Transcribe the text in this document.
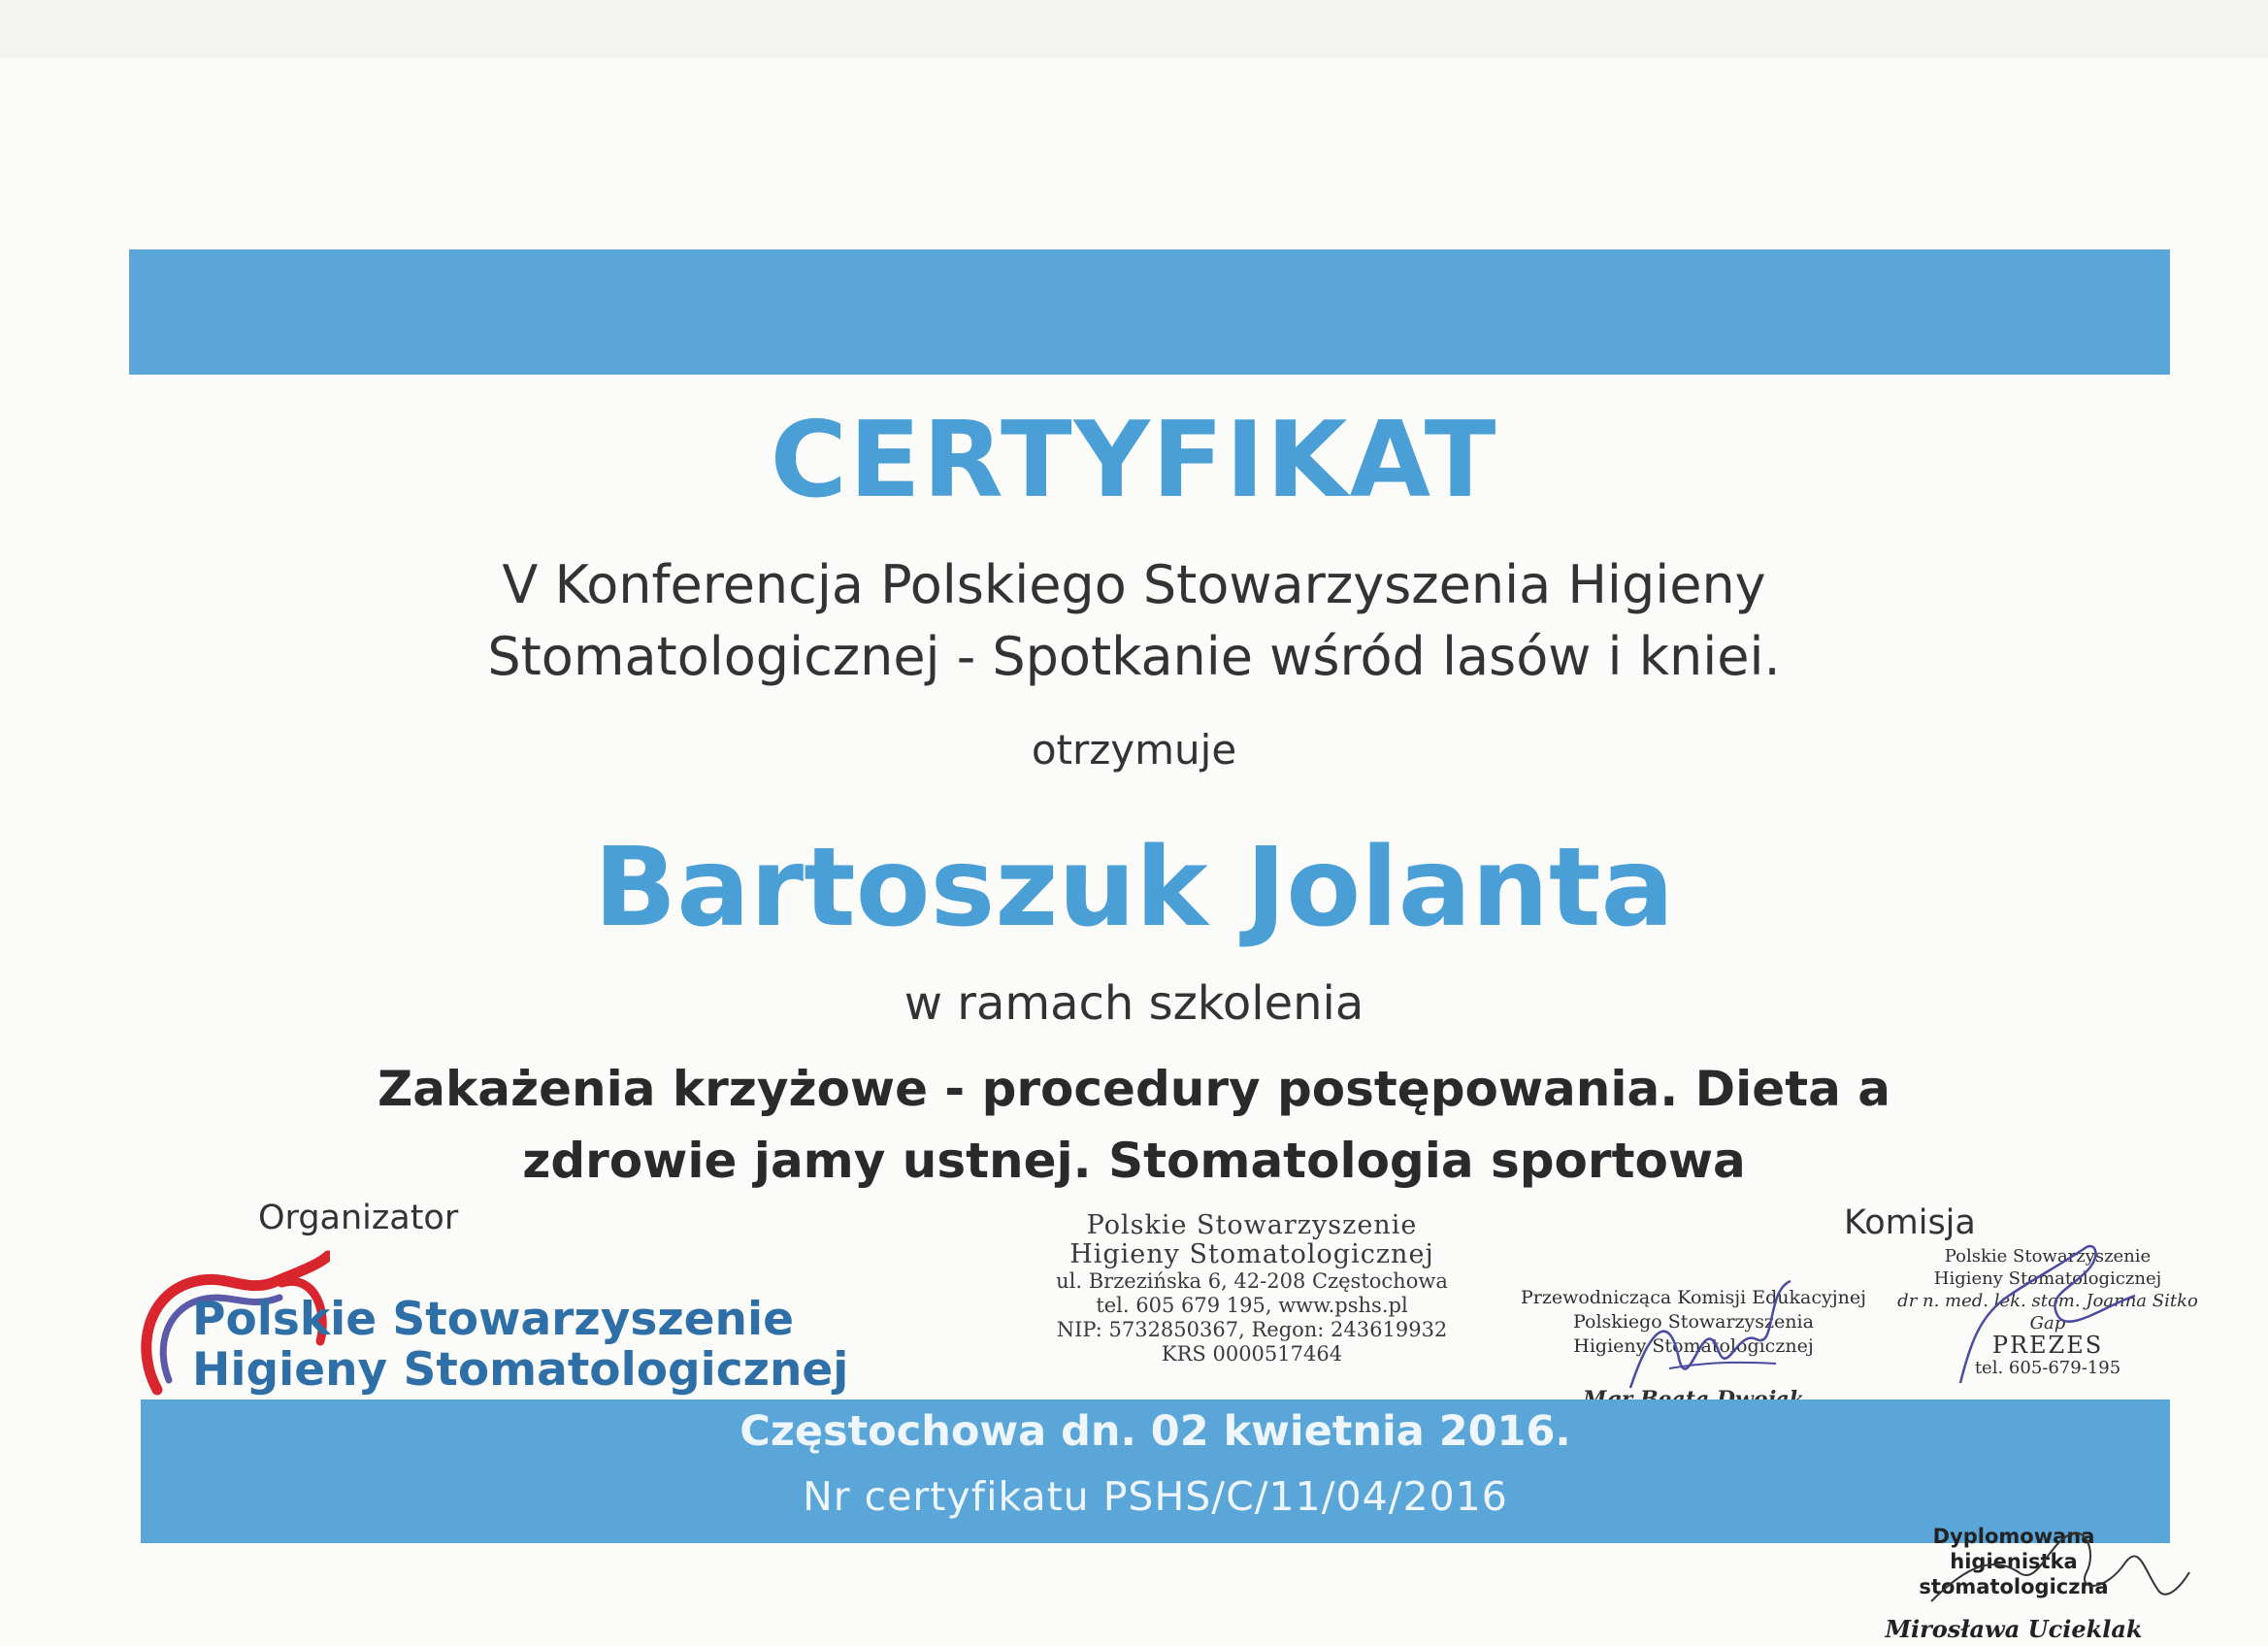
CERTYFIKAT
V Konferencja Polskiego Stowarzyszenia Higieny
Stomatologicznej - Spotkanie wśród lasów i kniei.
otrzymuje
Bartoszuk Jolanta
w ramach szkolenia
Zakażenia krzyżowe - procedury postępowania. Dieta a
zdrowie jamy ustnej. Stomatologia sportowa
Organizator
Polskie Stowarzyszenie
Higieny Stomatologicznej
Polskie Stowarzyszenie
Higieny Stomatologicznej
ul. Brzezińska 6, 42-208 Częstochowa
tel. 605 679 195, www.pshs.pl
NIP: 5732850367, Regon: 243619932
KRS 0000517464
Przewodnicząca Komisji Edukacyjnej
Polskiego Stowarzyszenia
Higieny Stomatologicznej
Komisja
Polskie Stowarzyszenie
Higieny Stomatologicznej
dr n. med. lek. stom. Joanna Sitko Gap
PREZES
tel. 605-679-195
Częstochowa dn. 02 kwietnia 2016.
Nr certyfikatu PSHS/C/11/04/2016
Dyplomowana
higienistka stomatologiczna
Mirosława Ucieklak
